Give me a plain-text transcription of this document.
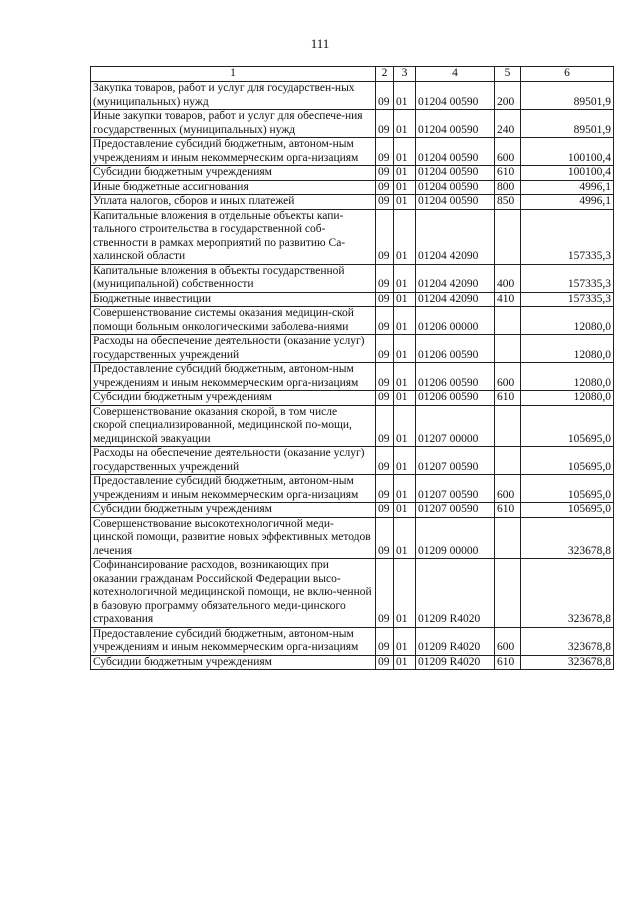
111
1	2	3	4	5	6
Закупка товаров, работ и услуг для государствен-ных (муниципальных) нужд	09	01	01204 00590	200	89501,9
Иные закупки товаров, работ и услуг для обеспече-ния государственных (муниципальных) нужд	09	01	01204 00590	240	89501,9
Предоставление субсидий бюджетным, автоном-ным учреждениям и иным некоммерческим орга-низациям	09	01	01204 00590	600	100100,4
Субсидии бюджетным учреждениям	09	01	01204 00590	610	100100,4
Иные бюджетные ассигнования	09	01	01204 00590	800	4996,1
Уплата налогов, сборов и иных платежей	09	01	01204 00590	850	4996,1
Капитальные вложения в отдельные объекты капи-тального строительства в государственной соб-ственности в рамках мероприятий по развитию Са-халинской области	09	01	01204 42090		157335,3
Капитальные вложения в объекты государственной (муниципальной) собственности	09	01	01204 42090	400	157335,3
Бюджетные инвестиции	09	01	01204 42090	410	157335,3
Совершенствование системы оказания медицин-ской помощи больным онкологическими заболева-ниями	09	01	01206 00000		12080,0
Расходы на обеспечение деятельности (оказание услуг) государственных учреждений	09	01	01206 00590		12080,0
Предоставление субсидий бюджетным, автоном-ным учреждениям и иным некоммерческим орга-низациям	09	01	01206 00590	600	12080,0
Субсидии бюджетным учреждениям	09	01	01206 00590	610	12080,0
Совершенствование оказания скорой, в том числе скорой специализированной, медицинской по-мощи, медицинской эвакуации	09	01	01207 00000		105695,0
Расходы на обеспечение деятельности (оказание услуг) государственных учреждений	09	01	01207 00590		105695,0
Предоставление субсидий бюджетным, автоном-ным учреждениям и иным некоммерческим орга-низациям	09	01	01207 00590	600	105695,0
Субсидии бюджетным учреждениям	09	01	01207 00590	610	105695,0
Совершенствование высокотехнологичной меди-цинской помощи, развитие новых эффективных методов лечения	09	01	01209 00000		323678,8
Софинансирование расходов, возникающих при оказании гражданам Российской Федерации высо-котехнологичной медицинской помощи, не вклю-ченной в базовую программу обязательного меди-цинского страхования	09	01	01209 R4020		323678,8
Предоставление субсидий бюджетным, автоном-ным учреждениям и иным некоммерческим орга-низациям	09	01	01209 R4020	600	323678,8
Субсидии бюджетным учреждениям	09	01	01209 R4020	610	323678,8
